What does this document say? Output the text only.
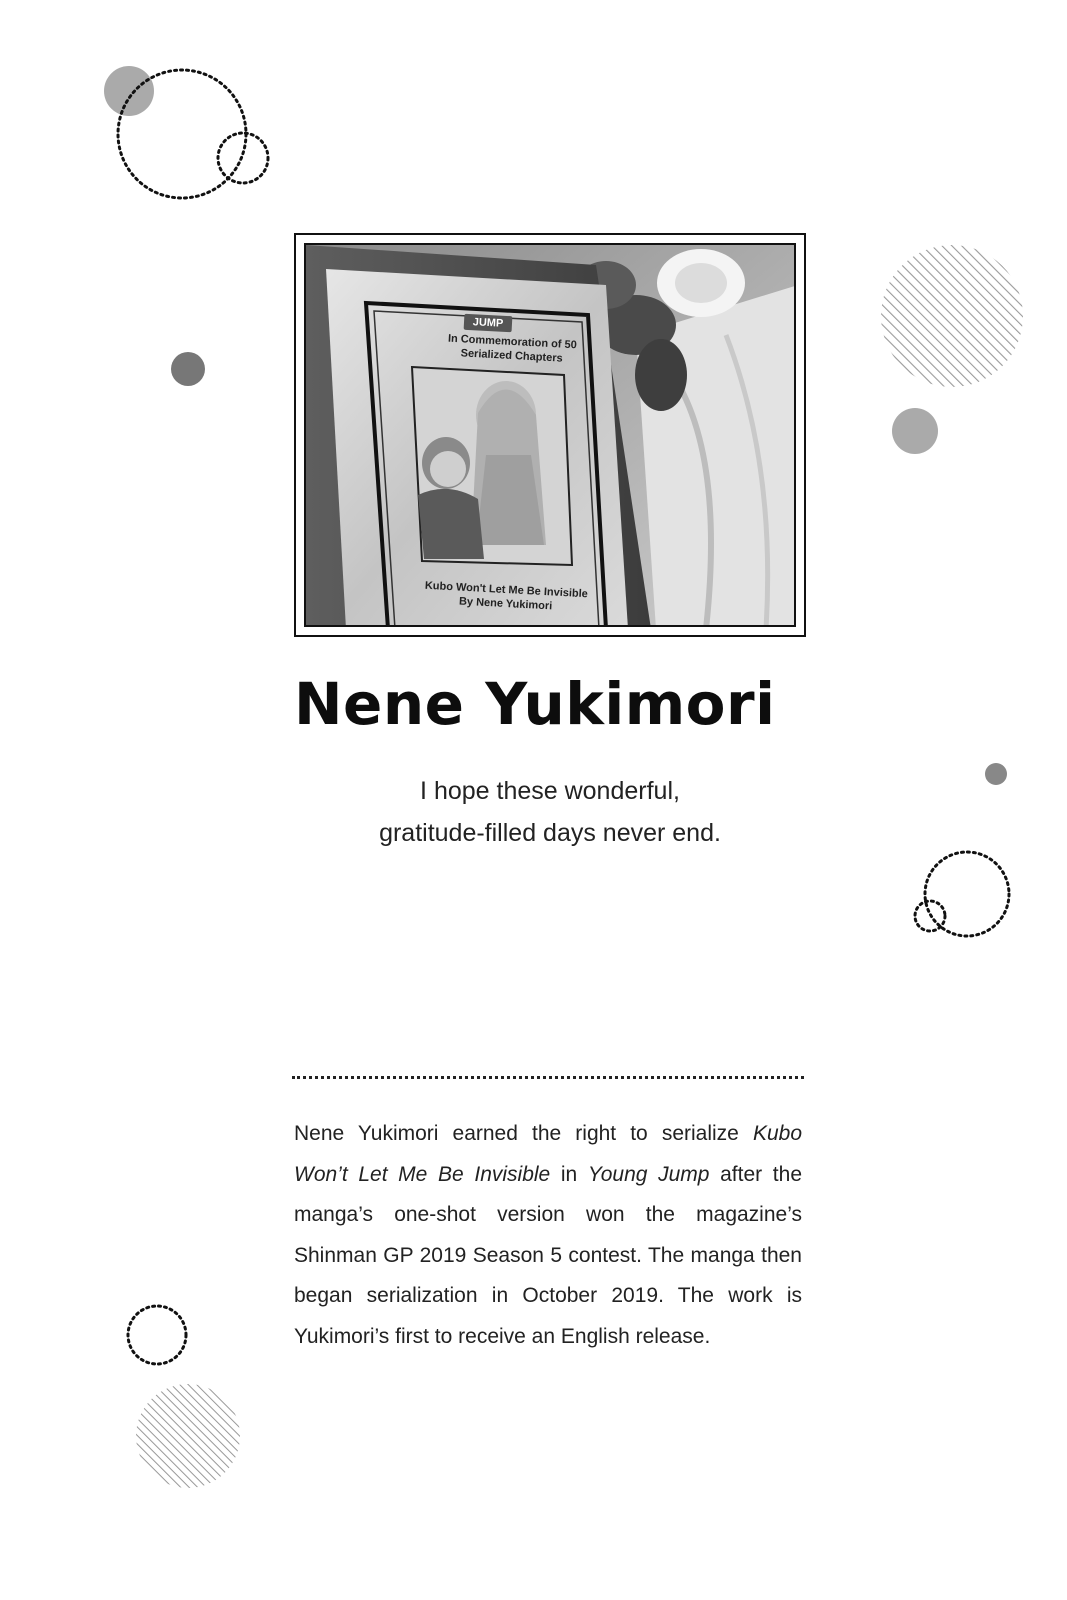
JUMP
In Commemoration of 50
Serialized Chapters
Kubo Won't Let Me Be Invisible
By Nene Yukimori
Nene Yukimori
I hope these wonderful,
gratitude-filled days never end.
Nene Yukimori earned the right to serialize Kubo Won’t Let Me Be Invisible in Young Jump after the manga’s one-shot version won the magazine’s Shinman GP 2019 Season 5 contest. The manga then began serialization in October 2019. The work is Yukimori’s first to receive an English release.
